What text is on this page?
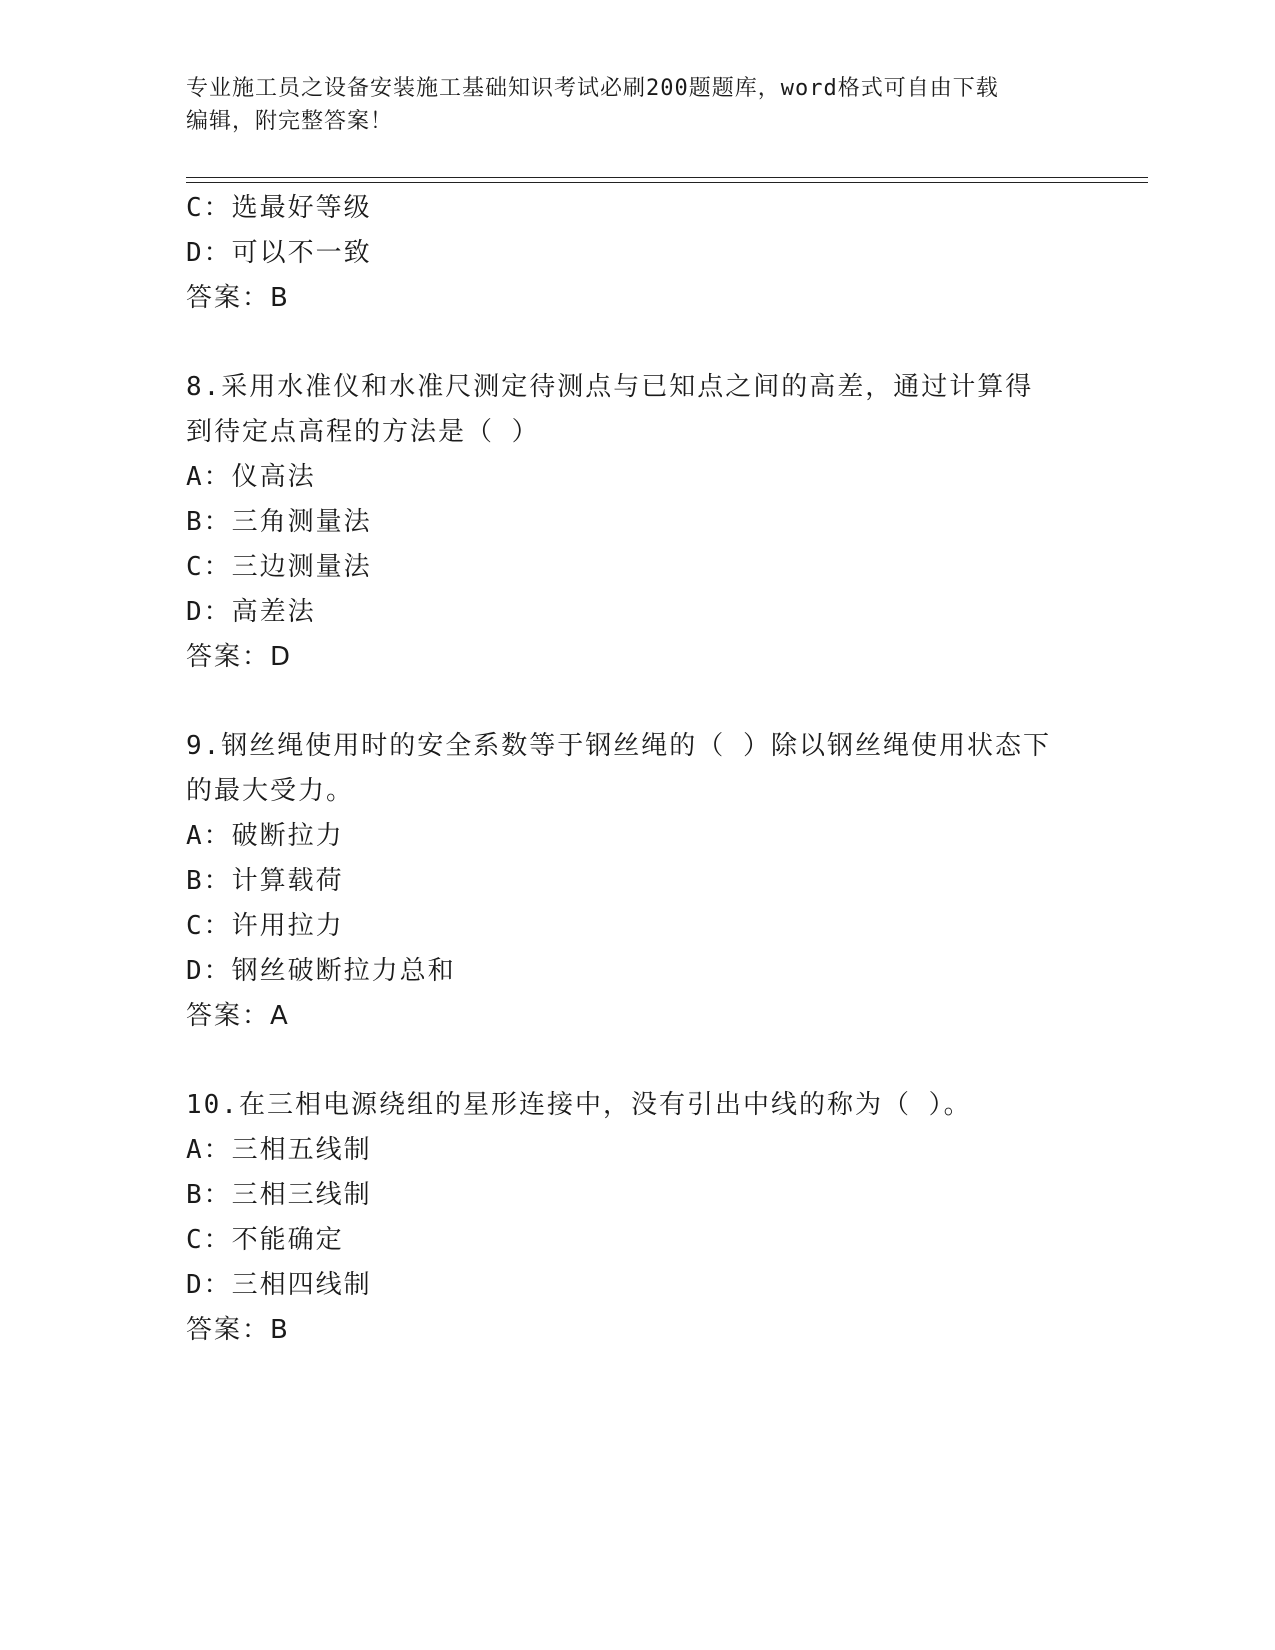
专业施工员之设备安装施工基础知识考试必刷200题题库，word格式可自由下载
编辑，附完整答案！
C：选最好等级
D：可以不一致
答案：B
8.采用水准仪和水准尺测定待测点与已知点之间的高差，通过计算得
到待定点高程的方法是（ ）
A：仪高法
B：三角测量法
C：三边测量法
D：高差法
答案：D
9.钢丝绳使用时的安全系数等于钢丝绳的（ ）除以钢丝绳使用状态下
的最大受力。
A：破断拉力
B：计算载荷
C：许用拉力
D：钢丝破断拉力总和
答案：A
10.在三相电源绕组的星形连接中，没有引出中线的称为（ ）。
A：三相五线制
B：三相三线制
C：不能确定
D：三相四线制
答案：B
